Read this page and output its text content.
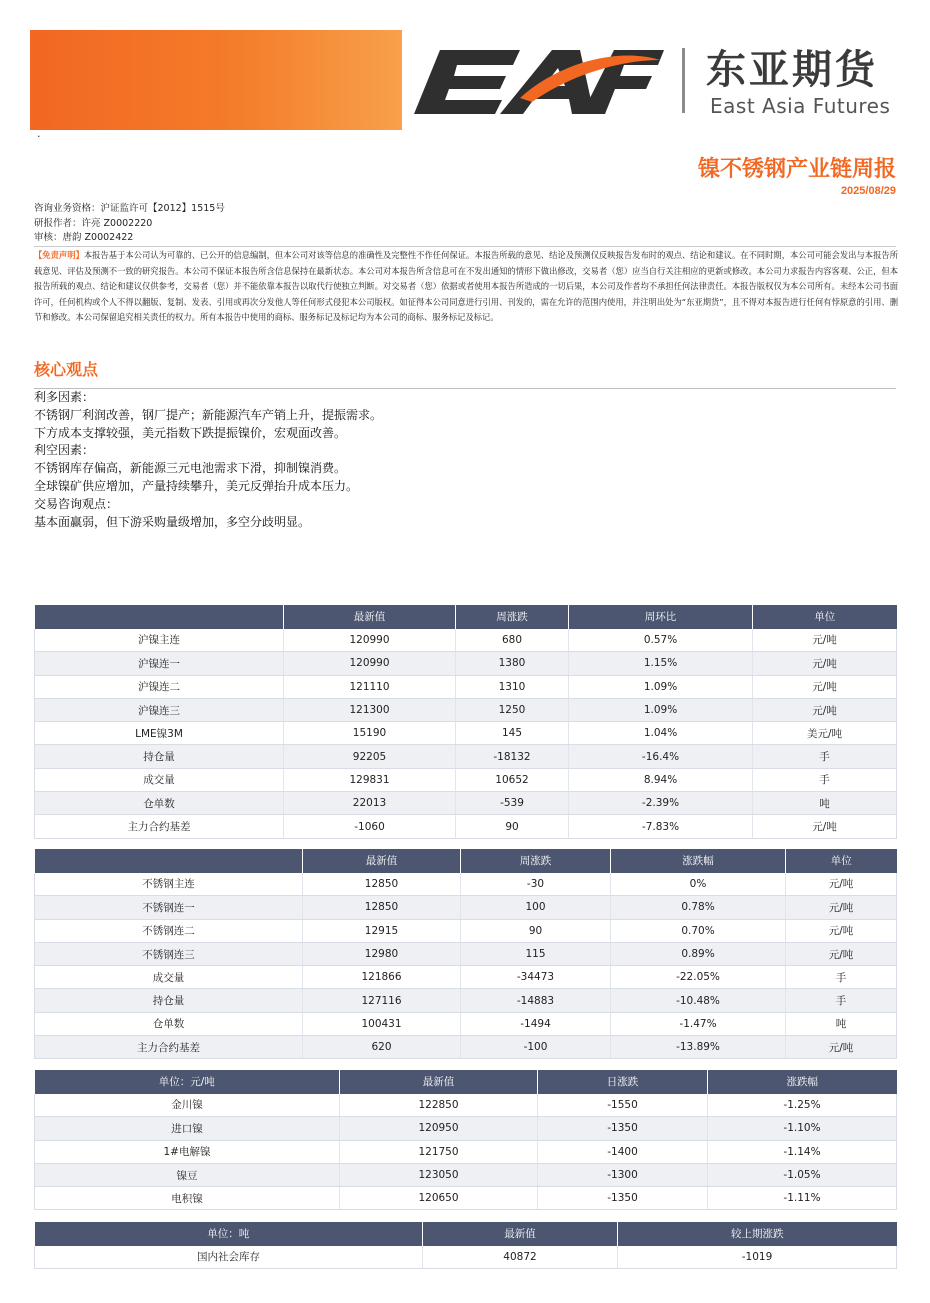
·
东亚期货
East Asia Futures
镍不锈钢产业链周报
2025/08/29
咨询业务资格：沪证监许可【2012】1515号
研报作者：许亮 Z0002220
审核：唐韵 Z0002422
【免责声明】本报告基于本公司认为可靠的、已公开的信息编制，但本公司对该等信息的准确性及完整性不作任何保证。本报告所载的意见、结论及预测仅反映报告发布时的观点、结论和建议。在不同时期，本公司可能会发出与本报告所载意见、评估及预测不一致的研究报告。本公司不保证本报告所含信息保持在最新状态。本公司对本报告所含信息可在不发出通知的情形下做出修改，交易者（您）应当自行关注相应的更新或修改。本公司力求报告内容客观、公正，但本报告所载的观点、结论和建议仅供参考，交易者（您）并不能依靠本报告以取代行使独立判断。对交易者（您）依据或者使用本报告所造成的一切后果，本公司及作者均不承担任何法律责任。本报告版权仅为本公司所有。未经本公司书面许可，任何机构或个人不得以翻版、复制、发表、引用或再次分发他人等任何形式侵犯本公司版权。如征得本公司同意进行引用、刊发的，需在允许的范围内使用，并注明出处为“东亚期货”，且不得对本报告进行任何有悖原意的引用、删节和修改。本公司保留追究相关责任的权力。所有本报告中使用的商标、服务标记及标记均为本公司的商标、服务标记及标记。
核心观点
利多因素：
不锈钢厂利润改善，钢厂提产；新能源汽车产销上升，提振需求。
下方成本支撑较强，美元指数下跌提振镍价，宏观面改善。
利空因素：
不锈钢库存偏高，新能源三元电池需求下滑，抑制镍消费。
全球镍矿供应增加，产量持续攀升，美元反弹抬升成本压力。
交易咨询观点：
基本面赢弱，但下游采购量级增加，多空分歧明显。
	最新值	周涨跌	周环比	单位
沪镍主连	120990	680	0.57%	元/吨
沪镍连一	120990	1380	1.15%	元/吨
沪镍连二	121110	1310	1.09%	元/吨
沪镍连三	121300	1250	1.09%	元/吨
LME镍3M	15190	145	1.04%	美元/吨
持仓量	92205	-18132	-16.4%	手
成交量	129831	10652	8.94%	手
仓单数	22013	-539	-2.39%	吨
主力合约基差	-1060	90	-7.83%	元/吨
	最新值	周涨跌	涨跌幅	单位
不锈钢主连	12850	-30	0%	元/吨
不锈钢连一	12850	100	0.78%	元/吨
不锈钢连二	12915	90	0.70%	元/吨
不锈钢连三	12980	115	0.89%	元/吨
成交量	121866	-34473	-22.05%	手
持仓量	127116	-14883	-10.48%	手
仓单数	100431	-1494	-1.47%	吨
主力合约基差	620	-100	-13.89%	元/吨
单位：元/吨	最新值	日涨跌	涨跌幅
金川镍	122850	-1550	-1.25%
进口镍	120950	-1350	-1.10%
1#电解镍	121750	-1400	-1.14%
镍豆	123050	-1300	-1.05%
电积镍	120650	-1350	-1.11%
单位：吨	最新值	较上期涨跌
国内社会库存	40872	-1019
